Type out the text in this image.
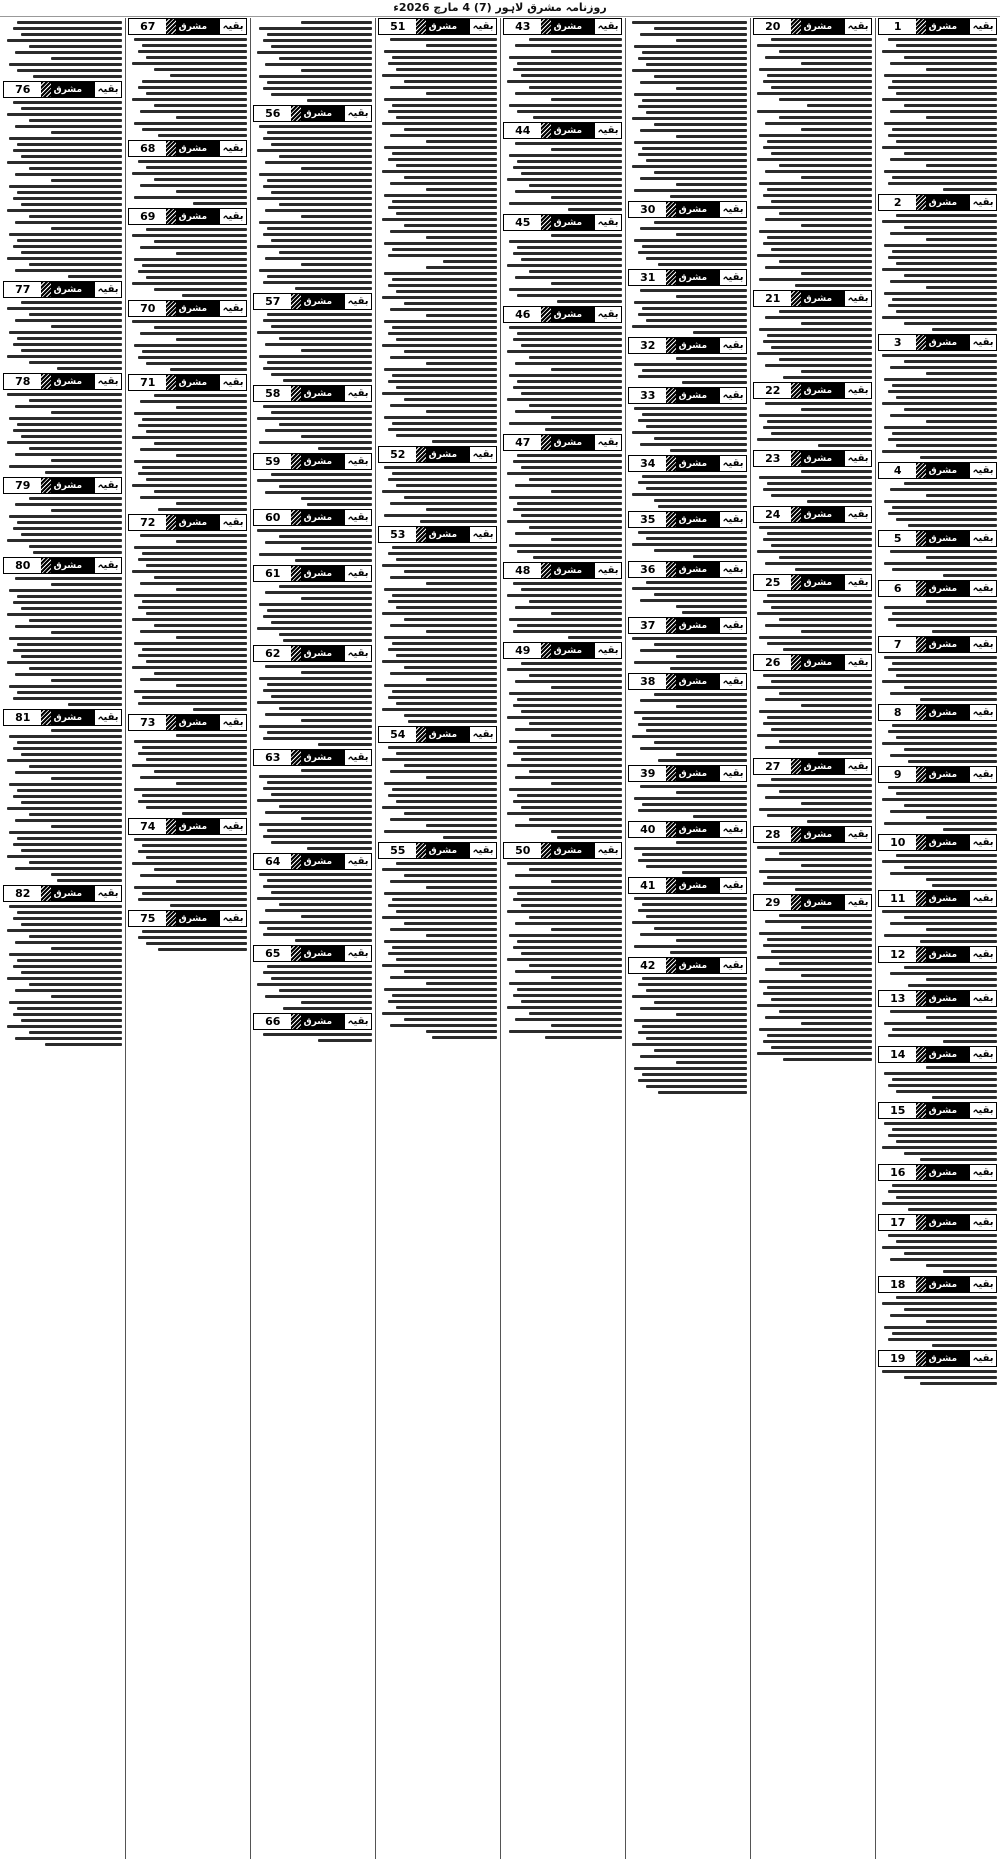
روزنامہ مشرق لاہور (7) 4 مارچ 2026ء
1	مشرق	بقیہ
2	مشرق	بقیہ
3	مشرق	بقیہ
4	مشرق	بقیہ
5	مشرق	بقیہ
6	مشرق	بقیہ
7	مشرق	بقیہ
8	مشرق	بقیہ
9	مشرق	بقیہ
10	مشرق	بقیہ
11	مشرق	بقیہ
12	مشرق	بقیہ
13	مشرق	بقیہ
14	مشرق	بقیہ
15	مشرق	بقیہ
16	مشرق	بقیہ
17	مشرق	بقیہ
18	مشرق	بقیہ
19	مشرق	بقیہ
20	مشرق	بقیہ
21	مشرق	بقیہ
22	مشرق	بقیہ
23	مشرق	بقیہ
24	مشرق	بقیہ
25	مشرق	بقیہ
26	مشرق	بقیہ
27	مشرق	بقیہ
28	مشرق	بقیہ
29	مشرق	بقیہ
30	مشرق	بقیہ
31	مشرق	بقیہ
32	مشرق	بقیہ
33	مشرق	بقیہ
34	مشرق	بقیہ
35	مشرق	بقیہ
36	مشرق	بقیہ
37	مشرق	بقیہ
38	مشرق	بقیہ
39	مشرق	بقیہ
40	مشرق	بقیہ
41	مشرق	بقیہ
42	مشرق	بقیہ
43	مشرق	بقیہ
44	مشرق	بقیہ
45	مشرق	بقیہ
46	مشرق	بقیہ
47	مشرق	بقیہ
48	مشرق	بقیہ
49	مشرق	بقیہ
50	مشرق	بقیہ
51	مشرق	بقیہ
52	مشرق	بقیہ
53	مشرق	بقیہ
54	مشرق	بقیہ
55	مشرق	بقیہ
56	مشرق	بقیہ
57	مشرق	بقیہ
58	مشرق	بقیہ
59	مشرق	بقیہ
60	مشرق	بقیہ
61	مشرق	بقیہ
62	مشرق	بقیہ
63	مشرق	بقیہ
64	مشرق	بقیہ
65	مشرق	بقیہ
66	مشرق	بقیہ
67	مشرق	بقیہ
68	مشرق	بقیہ
69	مشرق	بقیہ
70	مشرق	بقیہ
71	مشرق	بقیہ
72	مشرق	بقیہ
73	مشرق	بقیہ
74	مشرق	بقیہ
75	مشرق	بقیہ
76	مشرق	بقیہ
77	مشرق	بقیہ
78	مشرق	بقیہ
79	مشرق	بقیہ
80	مشرق	بقیہ
81	مشرق	بقیہ
82	مشرق	بقیہ
